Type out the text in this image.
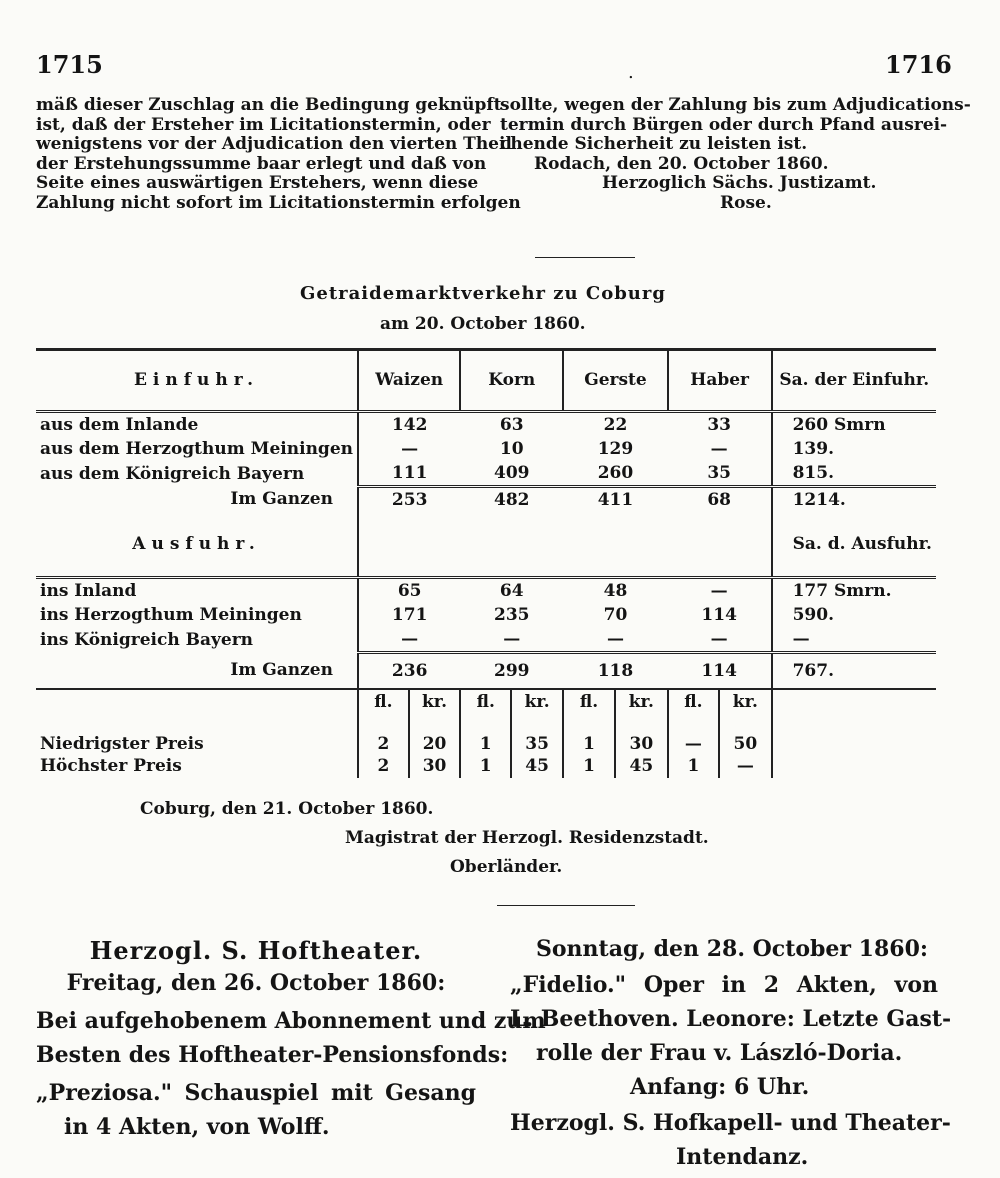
1715	.	1716
mäß dieser Zuschlag an die Bedingung geknüpft
ist, daß der Ersteher im Licitationstermin, oder
wenigstens vor der Adjudication den vierten Theil
der Erstehungssumme baar erlegt und daß von
Seite eines auswärtigen Erstehers, wenn diese
Zahlung nicht sofort im Licitationstermin erfolgen
sollte, wegen der Zahlung bis zum Adjudications-
termin durch Bürgen oder durch Pfand ausrei-
chende Sicherheit zu leisten ist.
Rodach, den 20. October 1860.
Herzoglich Sächs. Justizamt.
Rose.
Getraidemarktverkehr zu Coburg
am 20. October 1860.
Einfuhr.	Waizen		Korn		Gerste		Haber		Sa. der Einfuhr.
aus dem Inlande	142		63		22		33		260 Smrn
aus dem Herzogthum Meiningen	—		10		129		—		139.
aus dem Königreich Bayern	111		409		260		35		815.
Im Ganzen	253		482		411		68		1214.
Ausfuhr.									Sa. d. Ausfuhr.
ins Inland	65		64		48		—		177 Smrn.
ins Herzogthum Meiningen	171		235		70		114		590.
ins Königreich Bayern	—		—		—		—		—
Im Ganzen	236		299		118		114		767.
	fl.	kr.	fl.	kr.	fl.	kr.	fl.	kr.	
Niedrigster Preis	2	20	1	35	1	30	—	50	
Höchster Preis	2	30	1	45	1	45	1	—	
Coburg, den 21. October 1860.
Magistrat der Herzogl. Residenzstadt.
Oberländer.
Herzogl. S. Hoftheater.
Freitag, den 26. October 1860:
Bei aufgehobenem Abonnement und zum
Besten des Hoftheater-Pensionsfonds:
„Preziosa." Schauspiel mit Gesang
in 4 Akten, von Wolff.
Sonntag, den 28. October 1860:
„Fidelio." Oper in 2 Akten, von
L. Beethoven. Leonore: Letzte Gast-
rolle der Frau v. László-Doria.
Anfang: 6 Uhr.
Herzogl. S. Hofkapell- und Theater-
Intendanz.
